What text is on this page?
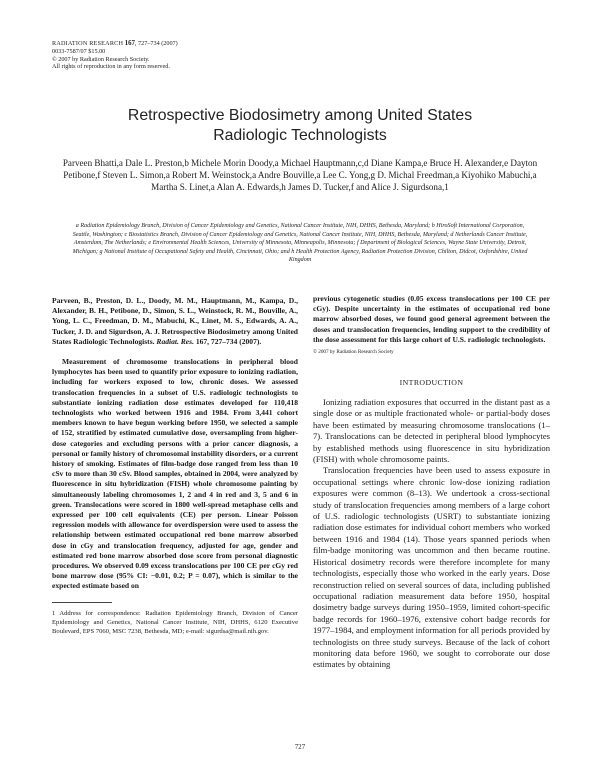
RADIATION RESEARCH 167, 727–734 (2007)
0033-7587/07 $15.00
© 2007 by Radiation Research Society.
All rights of reproduction in any form reserved.
Retrospective Biodosimetry among United States
Radiologic Technologists
Parveen Bhatti,a Dale L. Preston,b Michele Morin Doody,a Michael Hauptmann,c,d Diane Kampa,e Bruce H. Alexander,e Dayton Petibone,f Steven L. Simon,a Robert M. Weinstock,a Andre Bouville,a Lee C. Yong,g D. Michal Freedman,a Kiyohiko Mabuchi,a Martha S. Linet,a Alan A. Edwards,h James D. Tucker,f and Alice J. Sigurdsona,1
a Radiation Epidemiology Branch, Division of Cancer Epidemiology and Genetics, National Cancer Institute, NIH, DHHS, Bethesda, Maryland; b HiroSoft International Corporation, Seattle, Washington; c Biostatistics Branch, Division of Cancer Epidemiology and Genetics, National Cancer Institute, NIH, DHHS, Bethesda, Maryland; d Netherlands Cancer Institute, Amsterdam, The Netherlands; e Environmental Health Sciences, University of Minnesota, Minneapolis, Minnesota; f Department of Biological Sciences, Wayne State University, Detroit, Michigan; g National Institute of Occupational Safety and Health, Cincinnati, Ohio; and h Health Protection Agency, Radiation Protection Division, Chilton, Didcot, Oxfordshire, United Kingdom

Parveen, B., Preston, D. L., Doody, M. M., Hauptmann, M., Kampa, D., Alexander, B. H., Petibone, D., Simon, S. L., Weinstock, R. M., Bouville, A., Yong, L. C., Freedman, D. M., Mabuchi, K., Linet, M. S., Edwards, A. A., Tucker, J. D. and Sigurdson, A. J. Retrospective Biodosimetry among United States Radiologic Technologists. Radiat. Res. 167, 727–734 (2007).

Measurement of chromosome translocations in peripheral blood lymphocytes has been used to quantify prior exposure to ionizing radiation, including for workers exposed to low, chronic doses. We assessed translocation frequencies in a subset of U.S. radiologic technologists to substantiate ionizing radiation dose estimates developed for 110,418 technologists who worked between 1916 and 1984. From 3,441 cohort members known to have begun working before 1950, we selected a sample of 152, stratified by estimated cumulative dose, oversampling from higher-dose categories and excluding persons with a prior cancer diagnosis, a personal or family history of chromosomal instability disorders, or a current history of smoking. Estimates of film-badge dose ranged from less than 10 cSv to more than 30 cSv. Blood samples, obtained in 2004, were analyzed by fluorescence in situ hybridization (FISH) whole chromosome painting by simultaneously labeling chromosomes 1, 2 and 4 in red and 3, 5 and 6 in green. Translocations were scored in 1800 well-spread metaphase cells and expressed per 100 cell equivalents (CE) per person. Linear Poisson regression models with allowance for overdispersion were used to assess the relationship between estimated occupational red bone marrow absorbed dose in cGy and translocation frequency, adjusted for age, gender and estimated red bone marrow absorbed dose score from personal diagnostic procedures. We observed 0.09 excess translocations per 100 CE per cGy red bone marrow dose (95% CI: −0.01, 0.2; P = 0.07), which is similar to the expected estimate based on

1 Address for correspondence: Radiation Epidemiology Branch, Division of Cancer Epidemiology and Genetics, National Cancer Institute, NIH, DHHS, 6120 Executive Boulevard, EPS 7060, MSC 7238, Bethesda, MD; e-mail: sigurdsa@mail.nih.gov.

previous cytogenetic studies (0.05 excess translocations per 100 CE per cGy). Despite uncertainty in the estimates of occupational red bone marrow absorbed doses, we found good general agreement between the doses and translocation frequencies, lending support to the credibility of the dose assessment for this large cohort of U.S. radiologic technologists.

© 2007 by Radiation Research Society

INTRODUCTION

Ionizing radiation exposures that occurred in the distant past as a single dose or as multiple fractionated whole- or partial-body doses have been estimated by measuring chromosome translocations (1–7). Translocations can be detected in peripheral blood lymphocytes by established methods using fluorescence in situ hybridization (FISH) with whole chromosome paints.

Translocation frequencies have been used to assess exposure in occupational settings where chronic low-dose ionizing radiation exposures were common (8–13). We undertook a cross-sectional study of translocation frequencies among members of a large cohort of U.S. radiologic technologists (USRT) to substantiate ionizing radiation dose estimates for individual cohort members who worked between 1916 and 1984 (14). Those years spanned periods when film-badge monitoring was uncommon and then became routine. Historical dosimetry records were therefore incomplete for many technologists, especially those who worked in the early years. Dose reconstruction relied on several sources of data, including published occupational radiation measurement data before 1950, hospital dosimetry badge surveys during 1950–1959, limited cohort-specific badge records for 1960–1976, extensive cohort badge records for 1977–1984, and employment information for all periods provided by technologists on three study surveys. Because of the lack of cohort monitoring data before 1960, we sought to corroborate our dose estimates by obtaining

727
